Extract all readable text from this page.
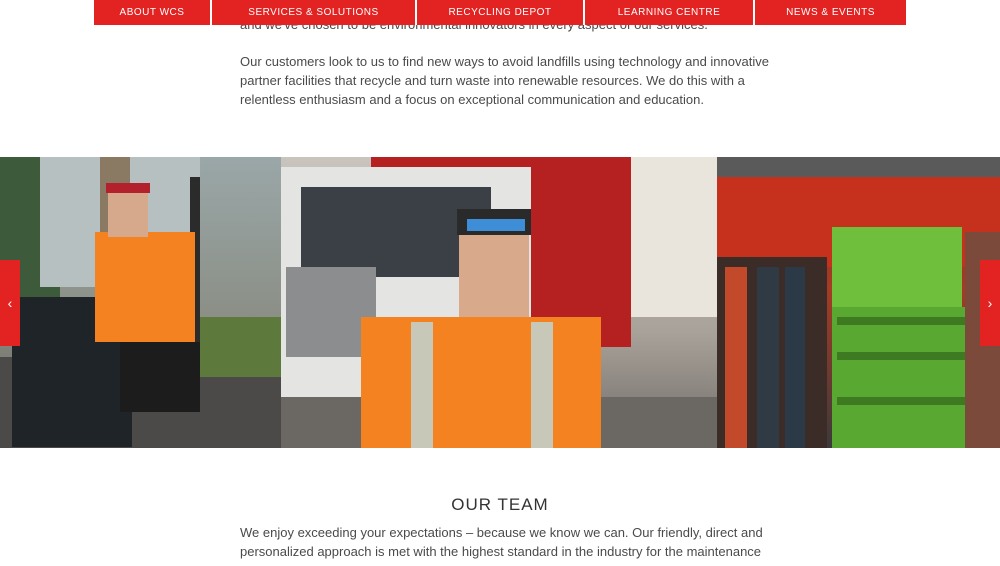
ABOUT WCS	SERVICES & SOLUTIONS	RECYCLING DEPOT	LEARNING CENTRE	NEWS & EVENTS

Our customers look to us to find new ways to avoid landfills using technology and innovative partner facilities that recycle and turn waste into renewable resources. We do this with a relentless enthusiasm and a focus on exceptional communication and education.

‹	›
OUR TEAM

We enjoy exceeding your expectations – because we know we can. Our friendly, direct and personalized approach is met with the highest standard in the industry for the maintenance
